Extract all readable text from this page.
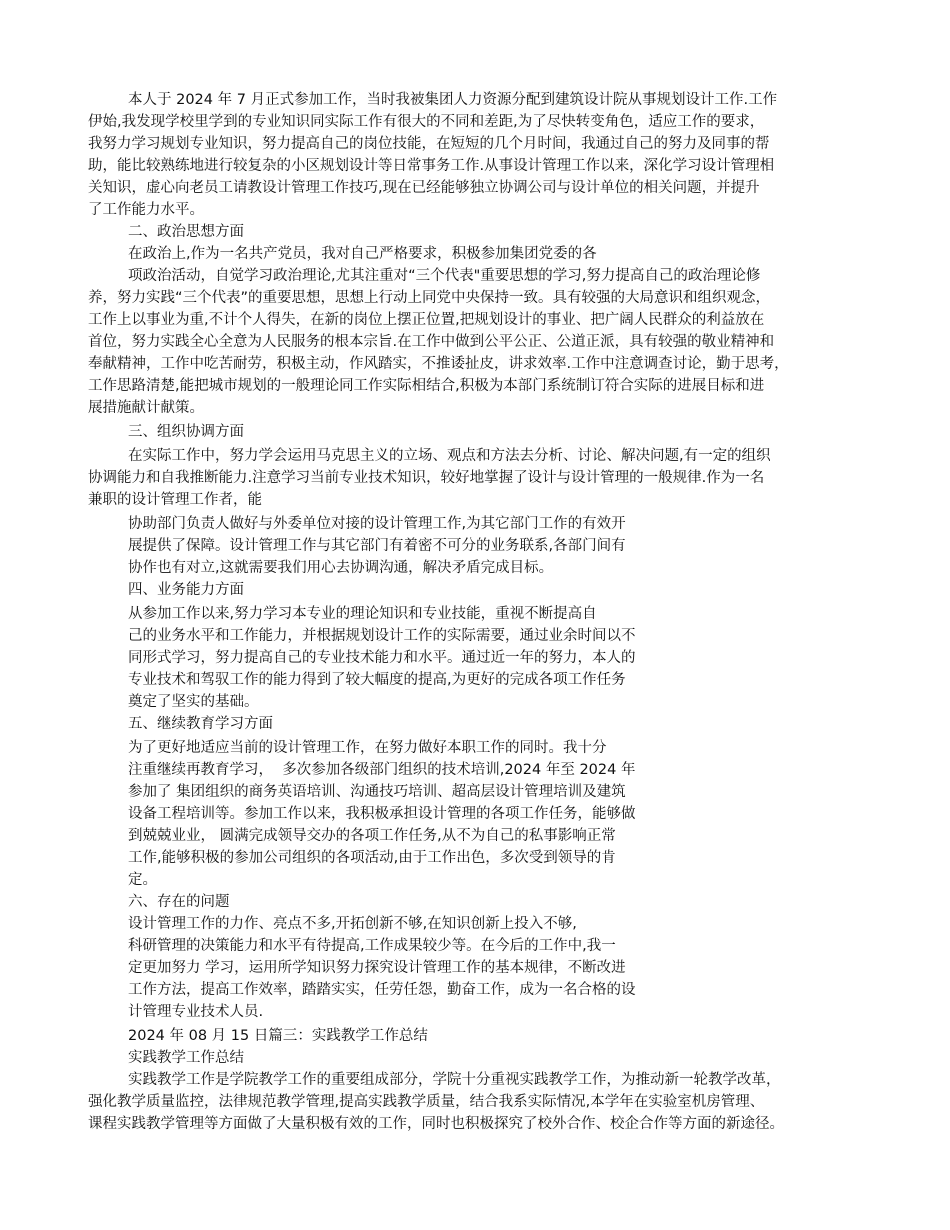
本人于 2024 年 7 月正式参加工作，当时我被集团人力资源分配到建筑设计院从事规划设计工作.工作
伊始,我发现学校里学到的专业知识同实际工作有很大的不同和差距,为了尽快转变角色，适应工作的要求，
我努力学习规划专业知识，努力提高自己的岗位技能，在短短的几个月时间，我通过自己的努力及同事的帮
助，能比较熟练地进行较复杂的小区规划设计等日常事务工作.从事设计管理工作以来，深化学习设计管理相
关知识，虚心向老员工请教设计管理工作技巧,现在已经能够独立协调公司与设计单位的相关问题，并提升
了工作能力水平。
二、政治思想方面
在政治上,作为一名共产党员，我对自己严格要求，积极参加集团党委的各
项政治活动，自觉学习政治理论,尤其注重对“三个代表"重要思想的学习,努力提高自己的政治理论修
养，努力实践“三个代表”的重要思想，思想上行动上同党中央保持一致。具有较强的大局意识和组织观念，
工作上以事业为重,不计个人得失，在新的岗位上摆正位置,把规划设计的事业、把广阔人民群众的利益放在
首位，努力实践全心全意为人民服务的根本宗旨.在工作中做到公平公正、公道正派，具有较强的敬业精神和
奉献精神，工作中吃苦耐劳，积极主动，作风踏实，不推诿扯皮，讲求效率.工作中注意调查讨论，勤于思考，
工作思路清楚,能把城市规划的一般理论同工作实际相结合,积极为本部门系统制订符合实际的进展目标和进
展措施献计献策。
三、组织协调方面
在实际工作中，努力学会运用马克思主义的立场、观点和方法去分析、讨论、解决问题,有一定的组织
协调能力和自我推断能力.注意学习当前专业技术知识，较好地掌握了设计与设计管理的一般规律.作为一名
兼职的设计管理工作者，能
协助部门负责人做好与外委单位对接的设计管理工作,为其它部门工作的有效开
展提供了保障。设计管理工作与其它部门有着密不可分的业务联系,各部门间有
协作也有对立,这就需要我们用心去协调沟通，解决矛盾完成目标。
四、业务能力方面
从参加工作以来,努力学习本专业的理论知识和专业技能，重视不断提高自
己的业务水平和工作能力，并根据规划设计工作的实际需要，通过业余时间以不
同形式学习，努力提高自己的专业技术能力和水平。通过近一年的努力，本人的
专业技术和驾驭工作的能力得到了较大幅度的提高,为更好的完成各项工作任务
奠定了坚实的基础。
五、继续教育学习方面
为了更好地适应当前的设计管理工作，在努力做好本职工作的同时。我十分
注重继续再教育学习，  多次参加各级部门组织的技术培训,2024 年至 2024 年
参加了 集团组织的商务英语培训、沟通技巧培训、超高层设计管理培训及建筑
设备工程培训等。参加工作以来，我积极承担设计管理的各项工作任务，能够做
到兢兢业业， 圆满完成领导交办的各项工作任务,从不为自己的私事影响正常
工作,能够积极的参加公司组织的各项活动,由于工作出色，多次受到领导的肯
定。
六、存在的问题
设计管理工作的力作、亮点不多,开拓创新不够,在知识创新上投入不够,
科研管理的决策能力和水平有待提高,工作成果较少等。在今后的工作中,我一
定更加努力 学习，运用所学知识努力探究设计管理工作的基本规律，不断改进
工作方法，提高工作效率，踏踏实实，任劳任怨，勤奋工作，成为一名合格的设
计管理专业技术人员.
2024 年 08 月 15 日篇三：实践教学工作总结
实践教学工作总结
实践教学工作是学院教学工作的重要组成部分，学院十分重视实践教学工作，为推动新一轮教学改革，
强化教学质量监控，法律规范教学管理,提高实践教学质量，结合我系实际情况,本学年在实验室机房管理、
课程实践教学管理等方面做了大量积极有效的工作，同时也积极探究了校外合作、校企合作等方面的新途径。
